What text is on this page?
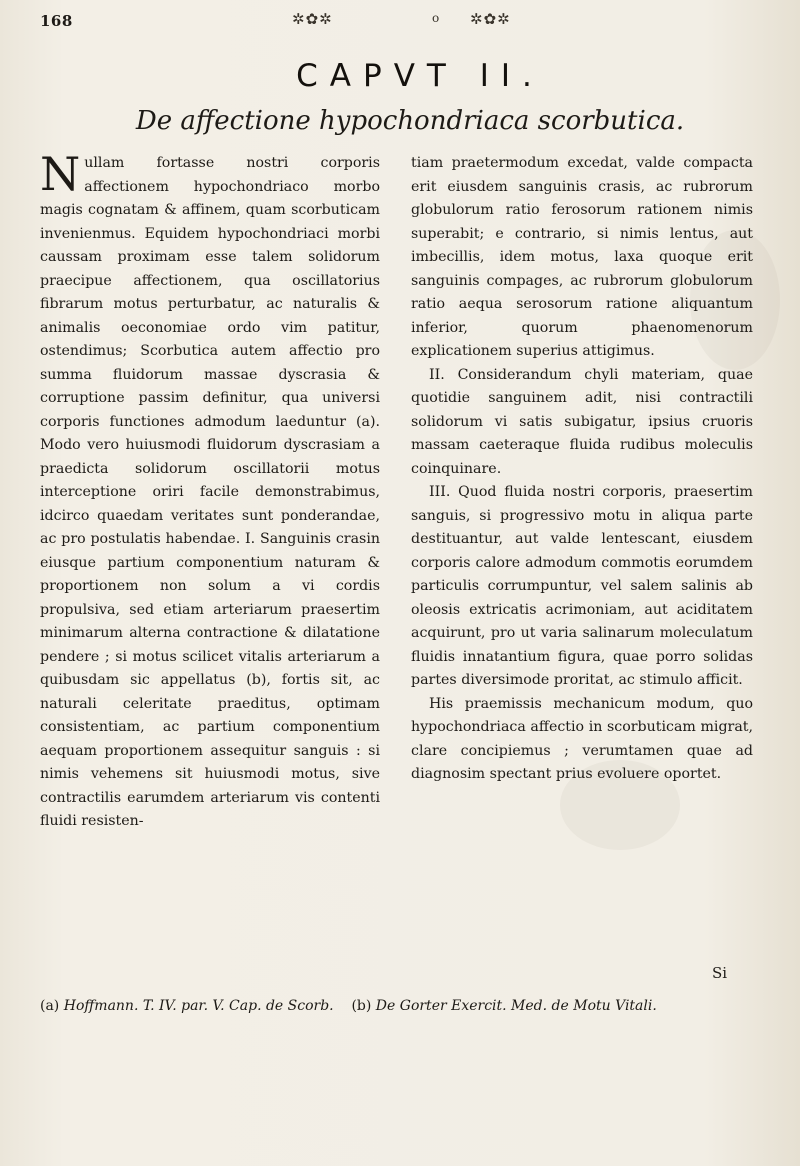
168	✲✿✲	o ✲✿✲
CAPVT II.
De affectione hypochondriaca scorbutica.

Nullam fortasse nostri corporis affectionem hypochondriaco morbo magis cognatam & affinem, quam scorbuticam invenienmus. Equidem hypochondriaci morbi caussam proximam esse talem solidorum praecipue affectionem, qua oscillatorius fibrarum motus perturbatur, ac naturalis & animalis oeconomiae ordo vim patitur, ostendimus; Scorbutica autem affectio pro summa fluidorum massae dyscrasia & corruptione passim definitur, qua universi corporis functiones admodum laeduntur (a). Modo vero huiusmodi fluidorum dyscrasiam a praedicta solidorum oscillatorii motus interceptione oriri facile demonstrabimus, idcirco quaedam veritates sunt ponderandae, ac pro postulatis habendae. I. Sanguinis crasin eiusque partium componentium naturam & proportionem non solum a vi cordis propulsiva, sed etiam arteriarum praesertim minimarum alterna contractione & dilatatione pendere ; si motus scilicet vitalis arteriarum a quibusdam sic appellatus (b), fortis sit, ac naturali celeritate praeditus, optimam consistentiam, ac partium componentium aequam proportionem assequitur sanguis : si nimis vehemens sit huiusmodi motus, sive contractilis earumdem arteriarum vis contenti fluidi resisten-

tiam praetermodum excedat, valde compacta erit eiusdem sanguinis crasis, ac rubrorum globulorum ratio ferosorum rationem nimis superabit; e contrario, si nimis lentus, aut imbecillis, idem motus, laxa quoque erit sanguinis compages, ac rubrorum globulorum ratio aequa serosorum ratione aliquantum inferior, quorum phaenomenorum explicationem superius attigimus.

II. Considerandum chyli materiam, quae quotidie sanguinem adit, nisi contractili solidorum vi satis subigatur, ipsius cruoris massam caeteraque fluida rudibus moleculis coinquinare.

III. Quod fluida nostri corporis, praesertim sanguis, si progressivo motu in aliqua parte destituantur, aut valde lentescant, eiusdem corporis calore admodum commotis eorumdem particulis corrumpuntur, vel salem salinis ab oleosis extricatis acrimoniam, aut aciditatem acquirunt, pro ut varia salinarum moleculatum fluidis innatantium figura, quae porro solidas partes diversimode proritat, ac stimulo afficit.

His praemissis mechanicum modum, quo hypochondriaca affectio in scorbuticam migrat, clare concipiemus ; verumtamen quae ad diagnosim spectant prius evoluere oportet.

Si
(a) Hoffmann. T. IV. par. V. Cap. de Scorb. (b) De Gorter Exercit. Med. de Motu Vitali.
